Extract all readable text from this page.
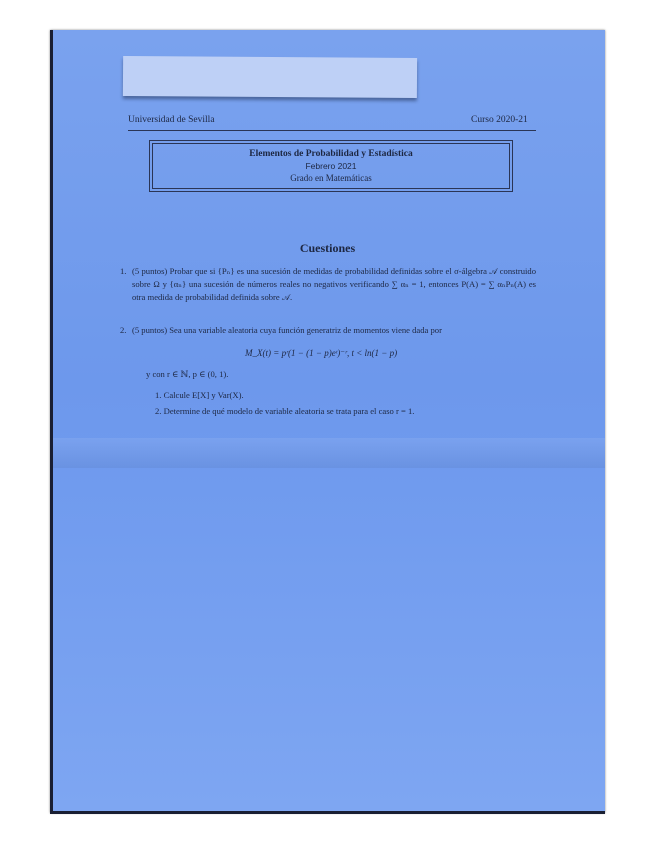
Universidad de Sevilla	Curso 2020-21
Elementos de Probabilidad y Estadística
Febrero 2021
Grado en Matemáticas
Cuestiones
1. (5 puntos) Probar que si {Pₙ} es una sucesión de medidas de probabilidad definidas sobre el σ-álgebra 𝒜 construido sobre Ω y {αₙ} una sucesión de números reales no negativos verificando ∑ αₙ = 1, entonces P(A) = ∑ αₙPₙ(A) es otra medida de probabilidad definida sobre 𝒜.
2. (5 puntos) Sea una variable aleatoria cuya función generatriz de momentos viene dada por
M_X(t) = pʳ(1 − (1 − p)eᵗ)⁻ʳ, t < ln(1 − p)
y con r ∈ ℕ, p ∈ (0, 1).
1. Calcule E[X] y Var(X).
2. Determine de qué modelo de variable aleatoria se trata para el caso r = 1.
